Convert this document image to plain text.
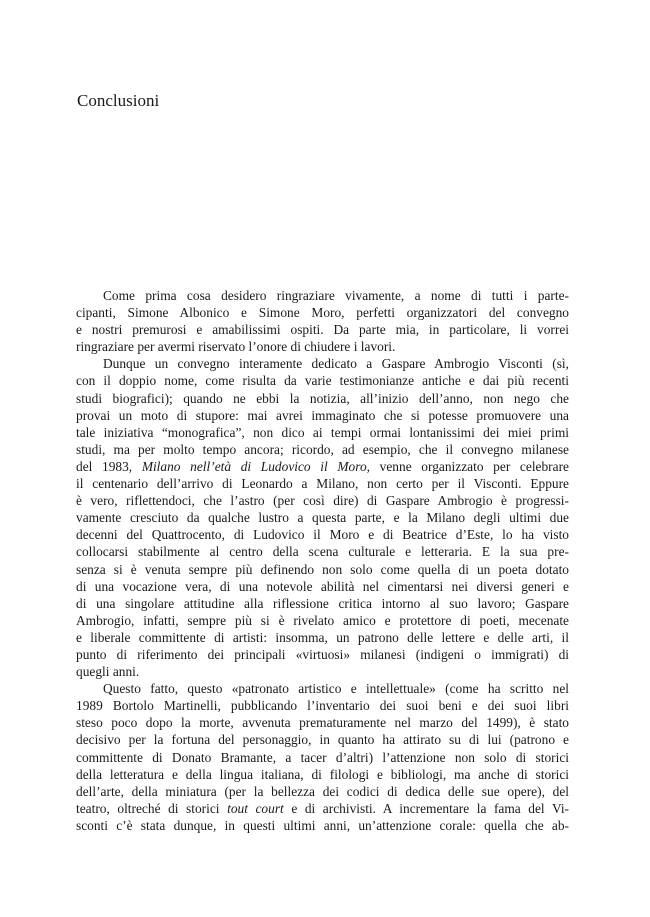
Conclusioni
Come prima cosa desidero ringraziare vivamente, a nome di tutti i parte-
cipanti, Simone Albonico e Simone Moro, perfetti organizzatori del convegno
e nostri premurosi e amabilissimi ospiti. Da parte mia, in particolare, li vorrei
ringraziare per avermi riservato l’onore di chiudere i lavori.
Dunque un convegno interamente dedicato a Gaspare Ambrogio Visconti (sì,
con il doppio nome, come risulta da varie testimonianze antiche e dai più recenti
studi biografici); quando ne ebbi la notizia, all’inizio dell’anno, non nego che
provai un moto di stupore: mai avrei immaginato che si potesse promuovere una
tale iniziativa “monografica”, non dico ai tempi ormai lontanissimi dei miei primi
studi, ma per molto tempo ancora; ricordo, ad esempio, che il convegno milanese
del 1983, Milano nell’età di Ludovico il Moro, venne organizzato per celebrare
il centenario dell’arrivo di Leonardo a Milano, non certo per il Visconti. Eppure
è vero, riflettendoci, che l’astro (per così dire) di Gaspare Ambrogio è progressi-
vamente cresciuto da qualche lustro a questa parte, e la Milano degli ultimi due
decenni del Quattrocento, di Ludovico il Moro e di Beatrice d’Este, lo ha visto
collocarsi stabilmente al centro della scena culturale e letteraria. E la sua pre-
senza si è venuta sempre più definendo non solo come quella di un poeta dotato
di una vocazione vera, di una notevole abilità nel cimentarsi nei diversi generi e
di una singolare attitudine alla riflessione critica intorno al suo lavoro; Gaspare
Ambrogio, infatti, sempre più si è rivelato amico e protettore di poeti, mecenate
e liberale committente di artisti: insomma, un patrono delle lettere e delle arti, il
punto di riferimento dei principali «virtuosi» milanesi (indigeni o immigrati) di
quegli anni.
Questo fatto, questo «patronato artistico e intellettuale» (come ha scritto nel
1989 Bortolo Martinelli, pubblicando l’inventario dei suoi beni e dei suoi libri
steso poco dopo la morte, avvenuta prematuramente nel marzo del 1499), è stato
decisivo per la fortuna del personaggio, in quanto ha attirato su di lui (patrono e
committente di Donato Bramante, a tacer d’altri) l’attenzione non solo di storici
della letteratura e della lingua italiana, di filologi e bibliologi, ma anche di storici
dell’arte, della miniatura (per la bellezza dei codici di dedica delle sue opere), del
teatro, oltreché di storici tout court e di archivisti. A incrementare la fama del Vi-
sconti c’è stata dunque, in questi ultimi anni, un’attenzione corale: quella che ab-
